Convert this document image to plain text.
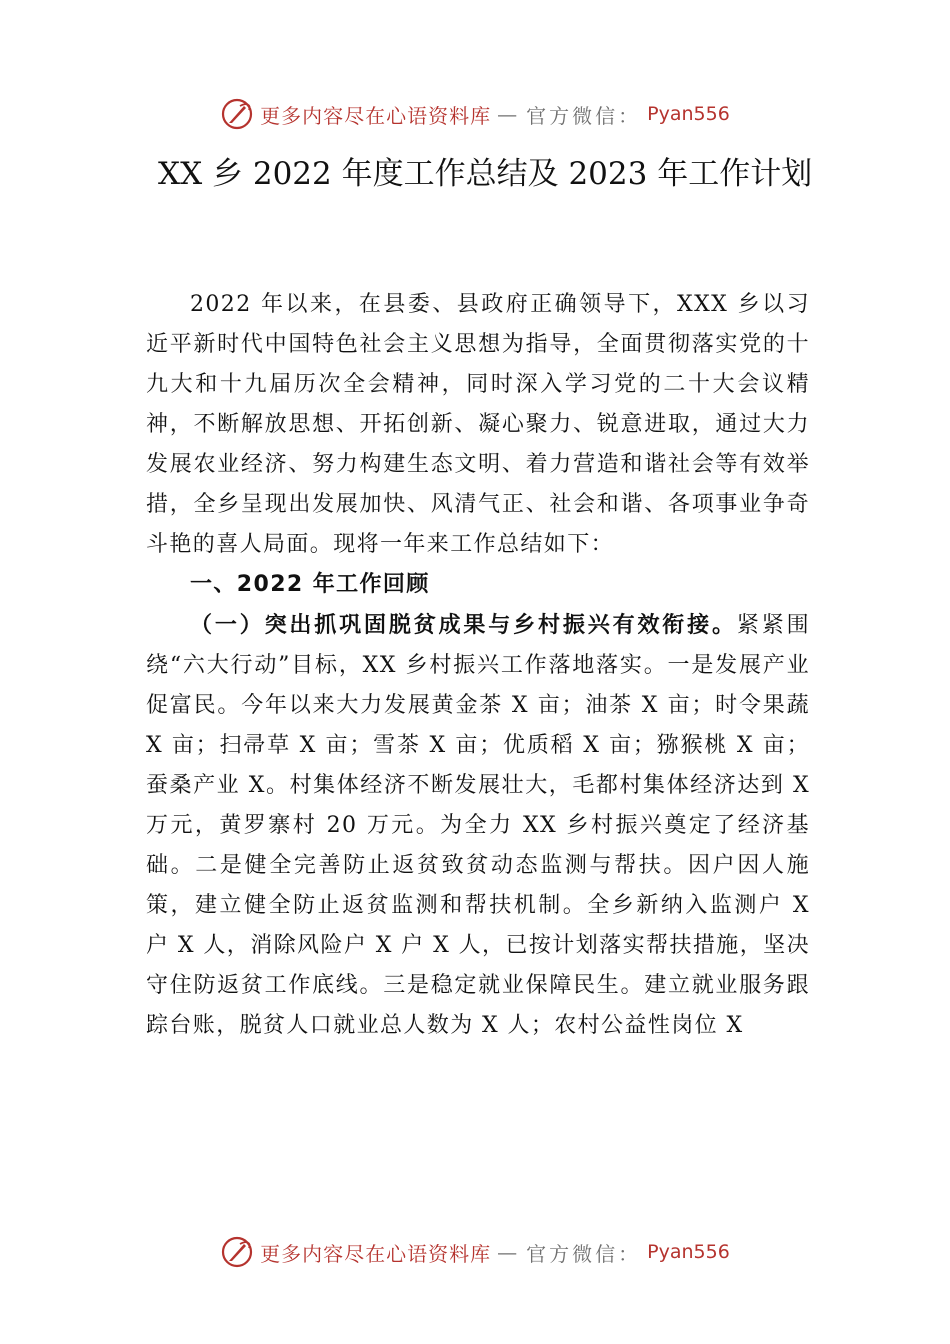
更多内容尽在心语资料库 — 官方微信： Pyan556
XX 乡 2022 年度工作总结及 2023 年工作计划

2022 年以来，在县委、县政府正确领导下，XXX 乡以习近平新时代中国特色社会主义思想为指导，全面贯彻落实党的十九大和十九届历次全会精神，同时深入学习党的二十大会议精神，不断解放思想、开拓创新、凝心聚力、锐意进取，通过大力发展农业经济、努力构建生态文明、着力营造和谐社会等有效举措，全乡呈现出发展加快、风清气正、社会和谐、各项事业争奇斗艳的喜人局面。现将一年来工作总结如下：

一、2022 年工作回顾

（一）突出抓巩固脱贫成果与乡村振兴有效衔接。紧紧围绕“六大行动”目标，XX 乡村振兴工作落地落实。一是发展产业促富民。今年以来大力发展黄金茶 X 亩；油茶 X 亩；时令果蔬 X 亩；扫帚草 X 亩；雪茶 X 亩；优质稻 X 亩；猕猴桃 X 亩；蚕桑产业 X。村集体经济不断发展壮大，毛都村集体经济达到 X 万元，黄罗寨村 20 万元。为全力 XX 乡村振兴奠定了经济基础。二是健全完善防止返贫致贫动态监测与帮扶。因户因人施策，建立健全防止返贫监测和帮扶机制。全乡新纳入监测户 X 户 X 人，消除风险户 X 户 X 人，已按计划落实帮扶措施，坚决守住防返贫工作底线。三是稳定就业保障民生。建立就业服务跟踪台账，脱贫人口就业总人数为 X 人；农村公益性岗位 X

更多内容尽在心语资料库 — 官方微信： Pyan556
